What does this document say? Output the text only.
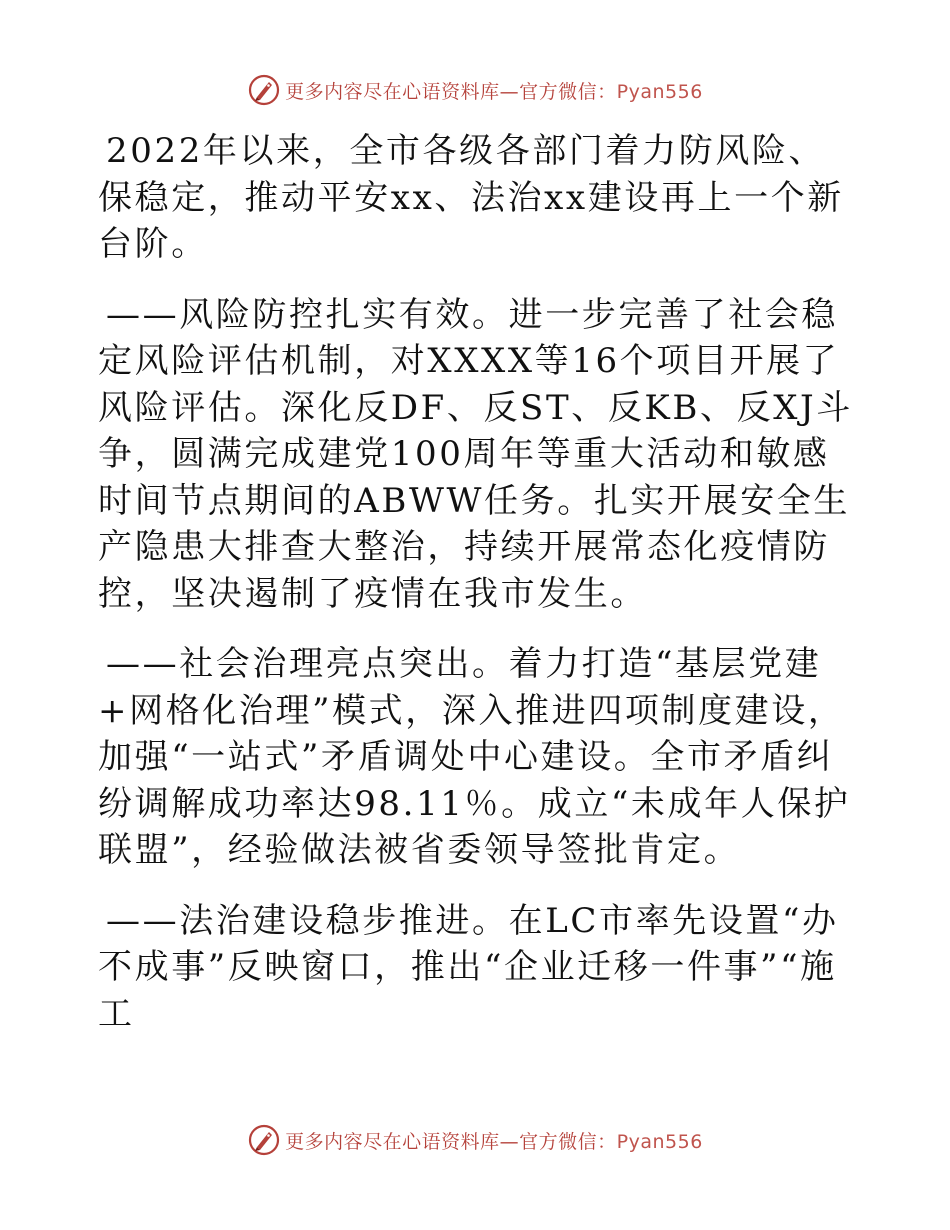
更多内容尽在心语资料库—官方微信：Pyan556

2022年以来，全市各级各部门着力防风险、保稳定，推动平安xx、法治xx建设再上一个新台阶。

——风险防控扎实有效。进一步完善了社会稳定风险评估机制，对XXXX等16个项目开展了风险评估。深化反DF、反ST、反KB、反XJ斗争，圆满完成建党100周年等重大活动和敏感时间节点期间的ABWW任务。扎实开展安全生产隐患大排查大整治，持续开展常态化疫情防控，坚决遏制了疫情在我市发生。

——社会治理亮点突出。着力打造“基层党建+网格化治理”模式，深入推进四项制度建设，加强“一站式”矛盾调处中心建设。全市矛盾纠纷调解成功率达98.11％。成立“未成年人保护联盟”，经验做法被省委领导签批肯定。

——法治建设稳步推进。在LC市率先设置“办不成事”反映窗口，推出“企业迁移一件事”“施工

更多内容尽在心语资料库—官方微信：Pyan556
